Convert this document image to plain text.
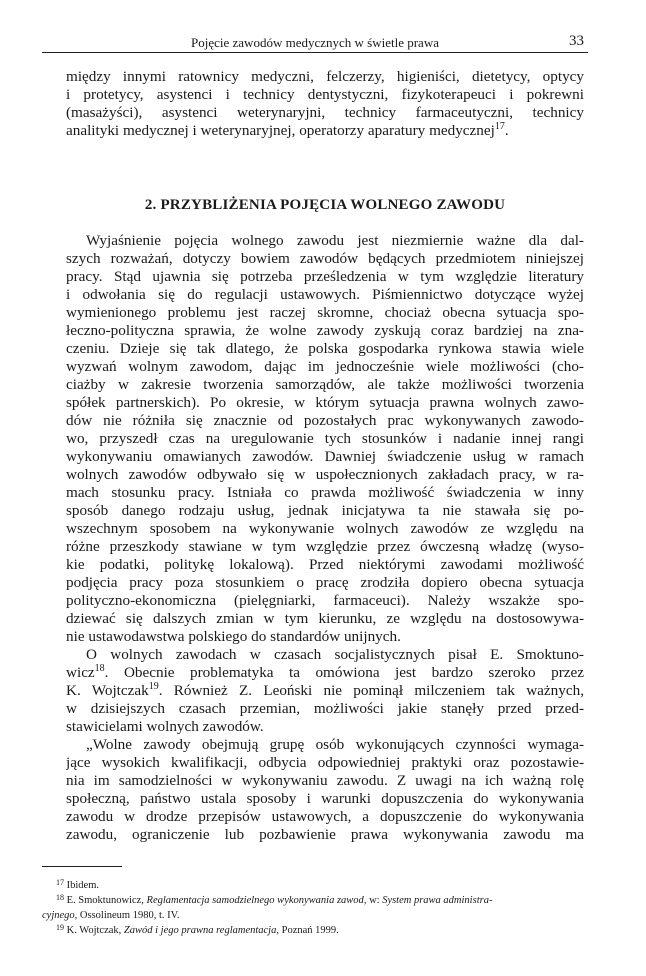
Pojęcie zawodów medycznych w świetle prawa	33
między innymi ratownicy medyczni, felczerzy, higieniści, dietetycy, optycy
i protetycy, asystenci i technicy dentystyczni, fizykoterapeuci i pokrewni
(masażyści), asystenci weterynaryjni, technicy farmaceutyczni, technicy
analityki medycznej i weterynaryjnej, operatorzy aparatury medycznej$^{17}$.
2. PRZYBLIŻENIA POJĘCIA WOLNEGO ZAWODU
Wyjaśnienie pojęcia wolnego zawodu jest niezmiernie ważne dla dal-
szych rozważań, dotyczy bowiem zawodów będących przedmiotem niniejszej
pracy. Stąd ujawnia się potrzeba prześledzenia w tym względzie literatury
i odwołania się do regulacji ustawowych. Piśmiennictwo dotyczące wyżej
wymienionego problemu jest raczej skromne, chociaż obecna sytuacja spo-
łeczno-polityczna sprawia, że wolne zawody zyskują coraz bardziej na zna-
czeniu. Dzieje się tak dlatego, że polska gospodarka rynkowa stawia wiele
wyzwań wolnym zawodom, dając im jednocześnie wiele możliwości (cho-
ciażby w zakresie tworzenia samorządów, ale także możliwości tworzenia
spółek partnerskich). Po okresie, w którym sytuacja prawna wolnych zawo-
dów nie różniła się znacznie od pozostałych prac wykonywanych zawodo-
wo, przyszedł czas na uregulowanie tych stosunków i nadanie innej rangi
wykonywaniu omawianych zawodów. Dawniej świadczenie usług w ramach
wolnych zawodów odbywało się w uspołecznionych zakładach pracy, w ra-
mach stosunku pracy. Istniała co prawda możliwość świadczenia w inny
sposób danego rodzaju usług, jednak inicjatywa ta nie stawała się po-
wszechnym sposobem na wykonywanie wolnych zawodów ze względu na
różne przeszkody stawiane w tym względzie przez ówczesną władzę (wyso-
kie podatki, politykę lokalową). Przed niektórymi zawodami możliwość
podjęcia pracy poza stosunkiem o pracę zrodziła dopiero obecna sytuacja
polityczno-ekonomiczna (pielęgniarki, farmaceuci). Należy wszakże spo-
dziewać się dalszych zmian w tym kierunku, ze względu na dostosowywa-
nie ustawodawstwa polskiego do standardów unijnych.
O wolnych zawodach w czasach socjalistycznych pisał E. Smoktuno-
wicz$^{18}$. Obecnie problematyka ta omówiona jest bardzo szeroko przez
K. Wojtczak$^{19}$. Również Z. Leoński nie pominął milczeniem tak ważnych,
w dzisiejszych czasach przemian, możliwości jakie stanęły przed przed-
stawicielami wolnych zawodów.
„Wolne zawody obejmują grupę osób wykonujących czynności wymaga-
jące wysokich kwalifikacji, odbycia odpowiedniej praktyki oraz pozostawie-
nia im samodzielności w wykonywaniu zawodu. Z uwagi na ich ważną rolę
społeczną, państwo ustala sposoby i warunki dopuszczenia do wykonywania
zawodu w drodze przepisów ustawowych, a dopuszczenie do wykonywania
zawodu, ograniczenie lub pozbawienie prawa wykonywania zawodu ma
$^{17}$ Ibidem.
$^{18}$ E. Smoktunowicz, Reglamentacja samodzielnego wykonywania zawod, w: System prawa administra-
cyjnego, Ossolineum 1980, t. IV.
$^{19}$ K. Wojtczak, Zawód i jego prawna reglamentacja, Poznań 1999.
